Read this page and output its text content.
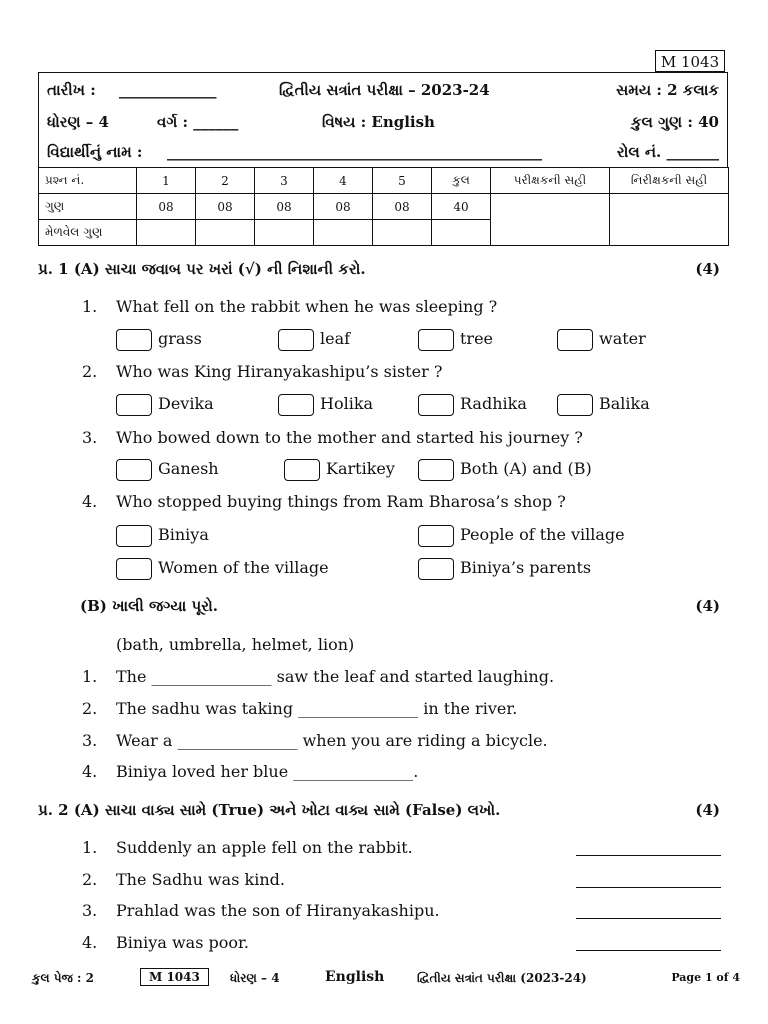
M 1043
તારીખ : _____________	દ્વિતીય સત્રાંત પરીક્ષા – 2023-24	સમય : 2 કલાક
ધોરણ – 4	વર્ગ : ______	વિષય : English	કુલ ગુણ : 40
વિદ્યાર્થીનું નામ : __________________________________________________	રોલ નં. _______
પ્રશ્ન નં.	1	2	3	4	5	કુલ	પરીક્ષકની સહી	નિરીક્ષકની સહી
ગુણ	08	08	08	08	08	40		
મેળવેલ ગુણ								
પ્ર. 1 (A) સાચા જવાબ પર ખરાં (√) ની નિશાની કરો.	(4)
1. What fell on the rabbit when he was sleeping ?
grass	leaf	tree	water
2. Who was King Hiranyakashipu’s sister ?
Devika	Holika	Radhika	Balika
3. Who bowed down to the mother and started his journey ?
Ganesh	Kartikey	Both (A) and (B)
4. Who stopped buying things from Ram Bharosa’s shop ?
Biniya	People of the village
Women of the village	Biniya’s parents
(B) ખાલી જગ્યા પૂરો.	(4)
(bath, umbrella, helmet, lion)
1. The _______________ saw the leaf and started laughing.
2. The sadhu was taking _______________ in the river.
3. Wear a _______________ when you are riding a bicycle.
4. Biniya loved her blue _______________.
પ્ર. 2 (A) સાચા વાક્ય સામે (True) અને ખોટા વાક્ય સામે (False) લખો.	(4)
1. Suddenly an apple fell on the rabbit.
2. The Sadhu was kind.
3. Prahlad was the son of Hiranyakashipu.
4. Biniya was poor.
કુલ પેજ : 2	M 1043	ધોરણ – 4	English	દ્વિતીય સત્રાંત પરીક્ષા (2023-24)	Page 1 of 4
